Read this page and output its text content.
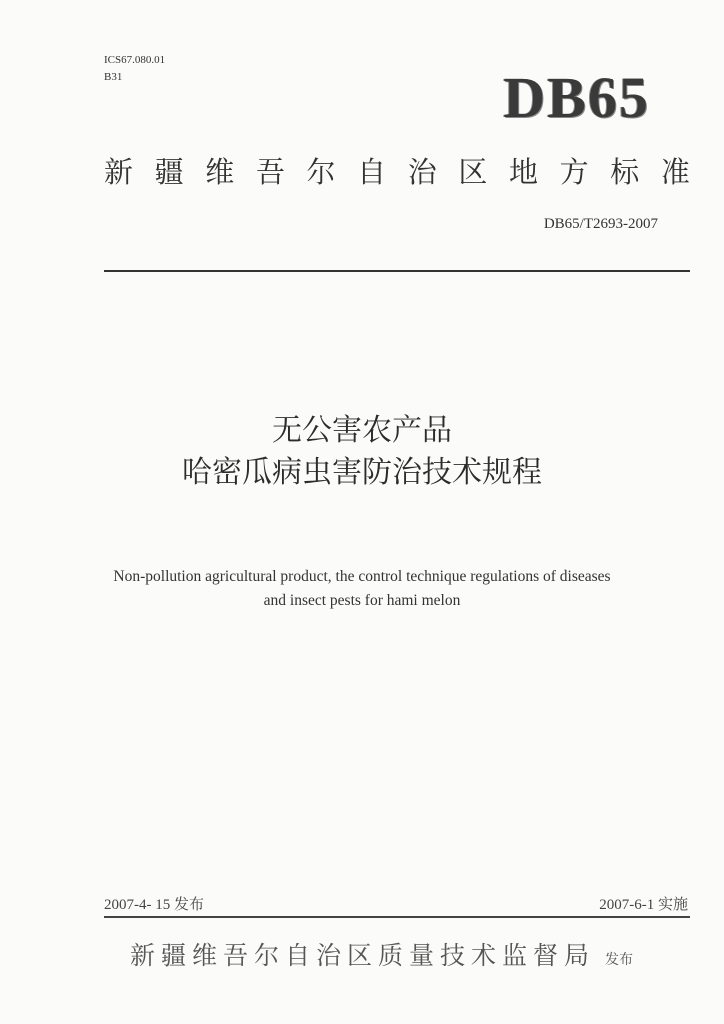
ICS67.080.01
B31	DB65
新 疆 维 吾 尔 自 治 区 地 方 标 准
DB65/T2693-2007
无公害农产品
哈密瓜病虫害防治技术规程
Non-pollution agricultural product, the control technique regulations of diseases
and insect pests for hami melon
2007-4- 15 发布	2007-6-1 实施
新疆维吾尔自治区质量技术监督局 发布
